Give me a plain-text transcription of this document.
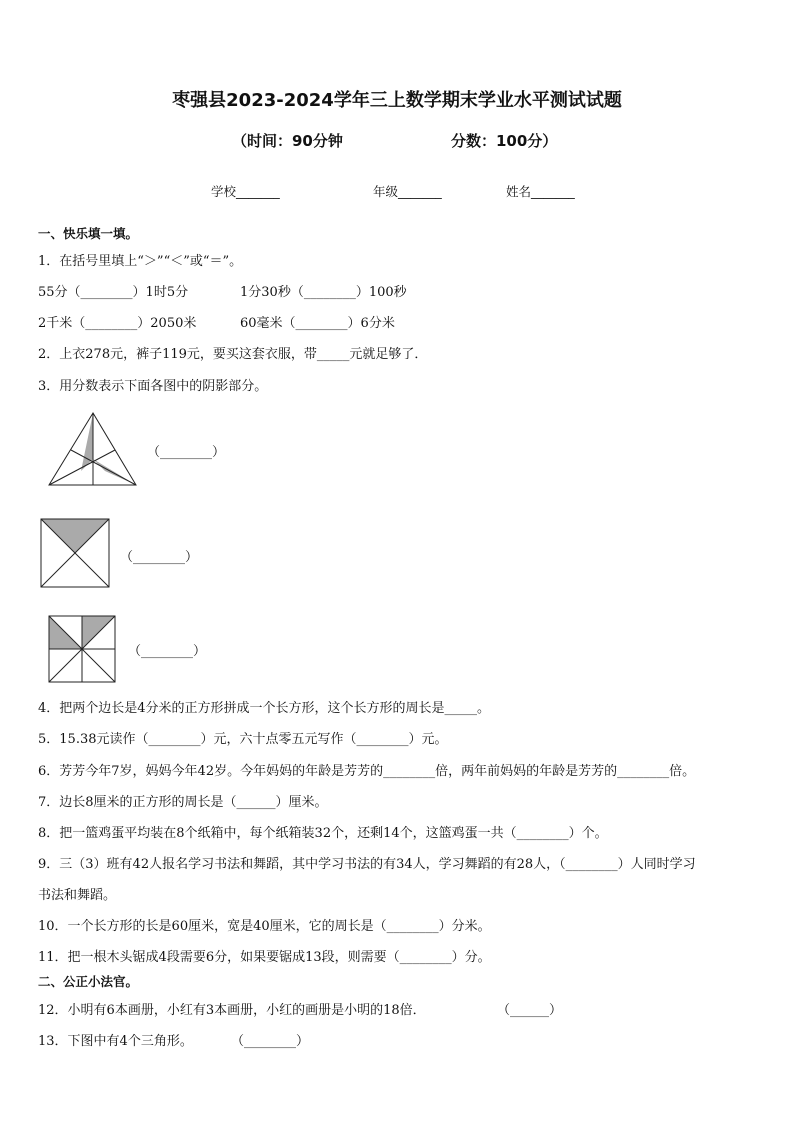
枣强县2023-2024学年三上数学期末学业水平测试试题
（时间：90分钟	分数：100分）
学校_______	年级_______	姓名_______
一、快乐填一填。
1．在括号里填上“＞”“＜”或“＝”。
55分（________）1时5分	1分30秒（________）100秒
2千米（________）2050米	60毫米（________）6分米
2．上衣278元，裤子119元，要买这套衣服，带_____元就足够了．
3．用分数表示下面各图中的阴影部分。
（________）
（________）
（________）
4．把两个边长是4分米的正方形拼成一个长方形，这个长方形的周长是_____。
5．15.38元读作（________）元，六十点零五元写作（________）元。
6．芳芳今年7岁，妈妈今年42岁。今年妈妈的年龄是芳芳的________倍，两年前妈妈的年龄是芳芳的________倍。
7．边长8厘米的正方形的周长是（______）厘米。
8．把一篮鸡蛋平均装在8个纸箱中，每个纸箱装32个，还剩14个，这篮鸡蛋一共（________）个。
9．三（3）班有42人报名学习书法和舞蹈，其中学习书法的有34人，学习舞蹈的有28人，（________）人同时学习
书法和舞蹈。
10．一个长方形的长是60厘米，宽是40厘米，它的周长是（________）分米。
11．把一根木头锯成4段需要6分，如果要锯成13段，则需要（________）分。
二、公正小法官。
12．小明有6本画册，小红有3本画册，小红的画册是小明的18倍．	（______）
13．下图中有4个三角形。	（________）
